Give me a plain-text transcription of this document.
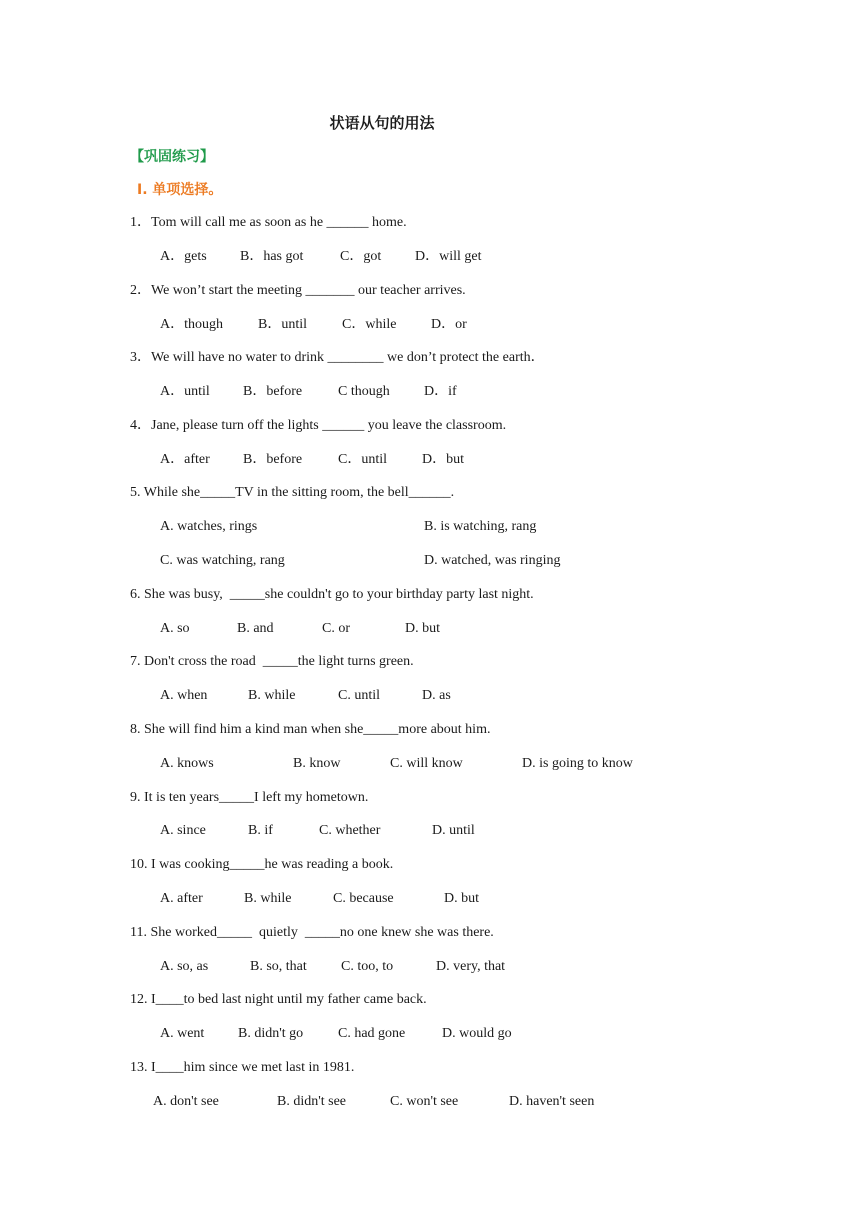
状语从句的用法
【巩固练习】
I. 单项选择。
1．Tom will call me as soon as he ______ home.
A．gets B．has got	C．got D．will get
2．We won’t start the meeting _______ our teacher arrives.
A．though	B．until C．while D．or
3．We will have no water to drink ________ we don’t protect the earth．
A．until B．before	C though D．if
4．Jane, please turn off the lights ______ you leave the classroom.
A．after B．before	C．until D．but
5. While she_____TV in the sitting room, the bell______.
A. watches, rings	B. is watching, rang
C. was watching, rang	D. watched, was ringing
6. She was busy,  _____she couldn't go to your birthday party last night.
A. so	B. and	C. or	D. but
7. Don't cross the road  _____the light turns green.
A. when	B. while	C. until	D. as
8. She will find him a kind man when she_____more about him.
A. knows	B. know	C. will know	D. is going to know
9. It is ten years_____I left my hometown.
A. since	B. if	C. whether	D. until
10. I was cooking_____he was reading a book.
A. after	B. while	C. because	D. but
11. She worked_____  quietly  _____no one knew she was there.
A. so, as	B. so, that C. too, to	D. very, that
12. I____to bed last night until my father came back.
A. went B. didn't go C. had gone	D. would go
13. I____him since we met last in 1981.
A. don't see	B. didn't see	C. won't see	D. haven't seen
